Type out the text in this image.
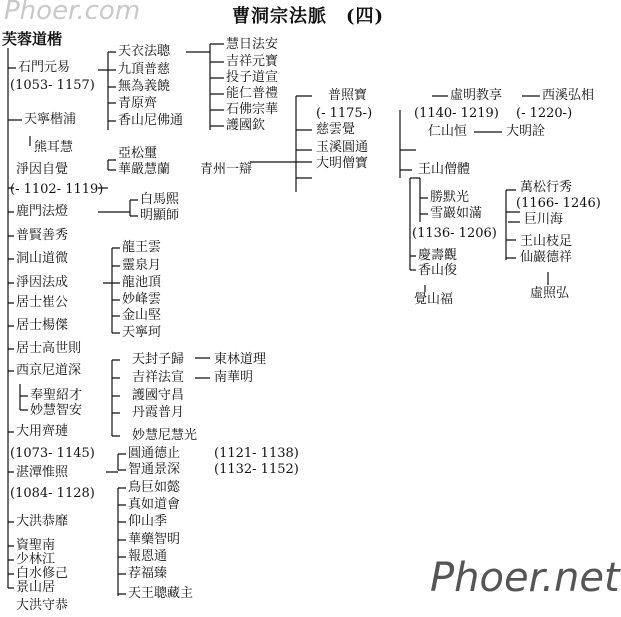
Phoer.com	曹洞宗法脈　(四)
芙蓉道楷
石門元易
(1053- 1157)
天寧楷浦
熊耳慧
淨因自覺
(- 1102- 1119)
鹿門法燈
普賢善秀
洞山道微
淨因法成
居士崔公
居士楊傑
居士高世則
西京尼道深
奉聖紹才
妙慧智安
大用齊璉
(1073- 1145)
湛潭惟照
(1084- 1128)
大洪恭靡
資聖南
少林江
白水修己
景山居
大洪守恭
天衣法聰
九頂普慈
無為義饒
青原齊
香山尼佛通
慧日法安
吉祥元寶
投子道宣
能仁普禮
石佛宗華
護國欽
亞松璽
華嚴慧蘭 青州一辯
普照寶
(- 1175-)
虛明教享
(1140- 1219)
西溪弘相
(- 1220-)
慈雲覺
玉溪圓通
大明僧寶
仁山恒	大明詮
王山僧體
勝默光
雪巖如滿
(1136- 1206)
萬松行秀
(1166- 1246)
巨川海
王山枝足
仙巖德祥
虛照弘
慶壽觀
香山俊
覺山福
白馬熙
明顯師
龍王雲
靈泉月
龍池頂
妙峰雲
金山堅
天寧珂
天封子歸 東林道理
吉祥法宣 南華明
護國守昌
丹霞普月
妙慧尼慧光
圓通德止	(1121- 1138)
智通景深	(1132- 1152)
鳥巨如懿
真如道會
仰山季
華藥智明
報恩通
荐福臻
天王聰藏主	Phoer.net
